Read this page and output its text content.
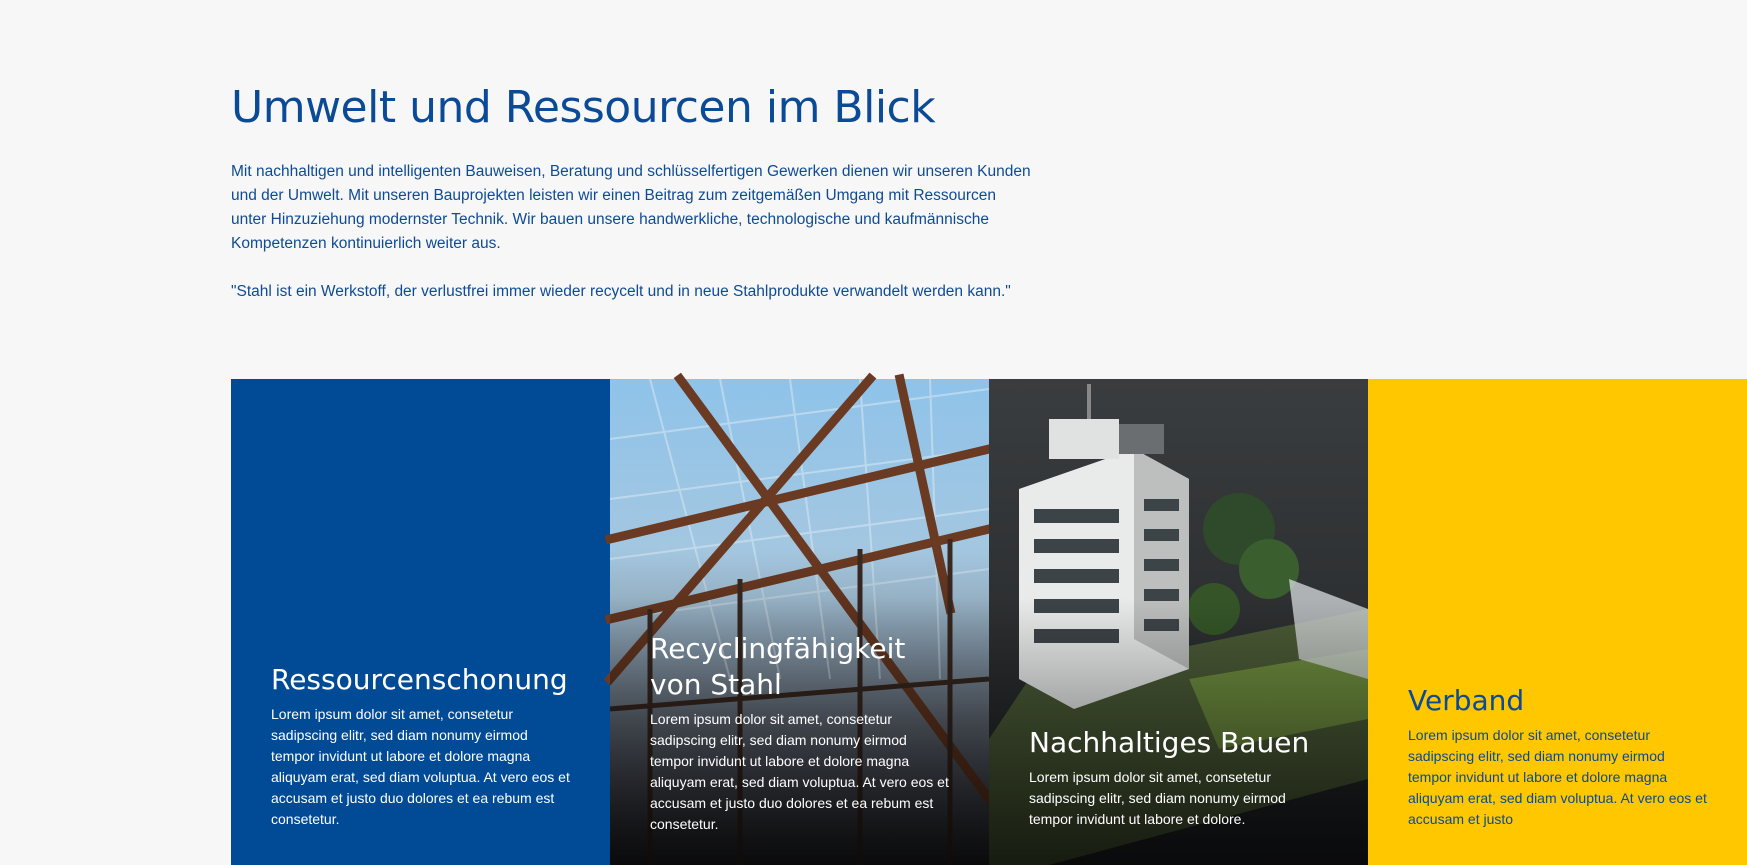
Umwelt und Ressourcen im Blick

Mit nachhaltigen und intelligenten Bauweisen, Beratung und schlüsselfertigen Gewerken dienen wir unseren Kunden und der Umwelt. Mit unseren Bauprojekten leisten wir einen Beitrag zum zeitgemäßen Umgang mit Ressourcen unter Hinzuziehung modernster Technik. Wir bauen unsere handwerkliche, technologische und kaufmännische Kompetenzen kontinuierlich weiter aus.

"Stahl ist ein Werkstoff, der verlustfrei immer wieder recycelt und in neue Stahlprodukte verwandelt werden kann."

Ressourcenschonung

Lorem ipsum dolor sit amet, consetetur sadipscing elitr, sed diam nonumy eirmod tempor invidunt ut labore et dolore magna aliquyam erat, sed diam voluptua. At vero eos et accusam et justo duo dolores et ea rebum est consetetur.

Recyclingfähigkeit von Stahl

Lorem ipsum dolor sit amet, consetetur sadipscing elitr, sed diam nonumy eirmod tempor invidunt ut labore et dolore magna aliquyam erat, sed diam voluptua. At vero eos et accusam et justo duo dolores et ea rebum est consetetur.

Nachhaltiges Bauen

Lorem ipsum dolor sit amet, consetetur sadipscing elitr, sed diam nonumy eirmod tempor invidunt ut labore et dolore.

Verband

Lorem ipsum dolor sit amet, consetetur sadipscing elitr, sed diam nonumy eirmod tempor invidunt ut labore et dolore magna aliquyam erat, sed diam voluptua. At vero eos et accusam et justo
